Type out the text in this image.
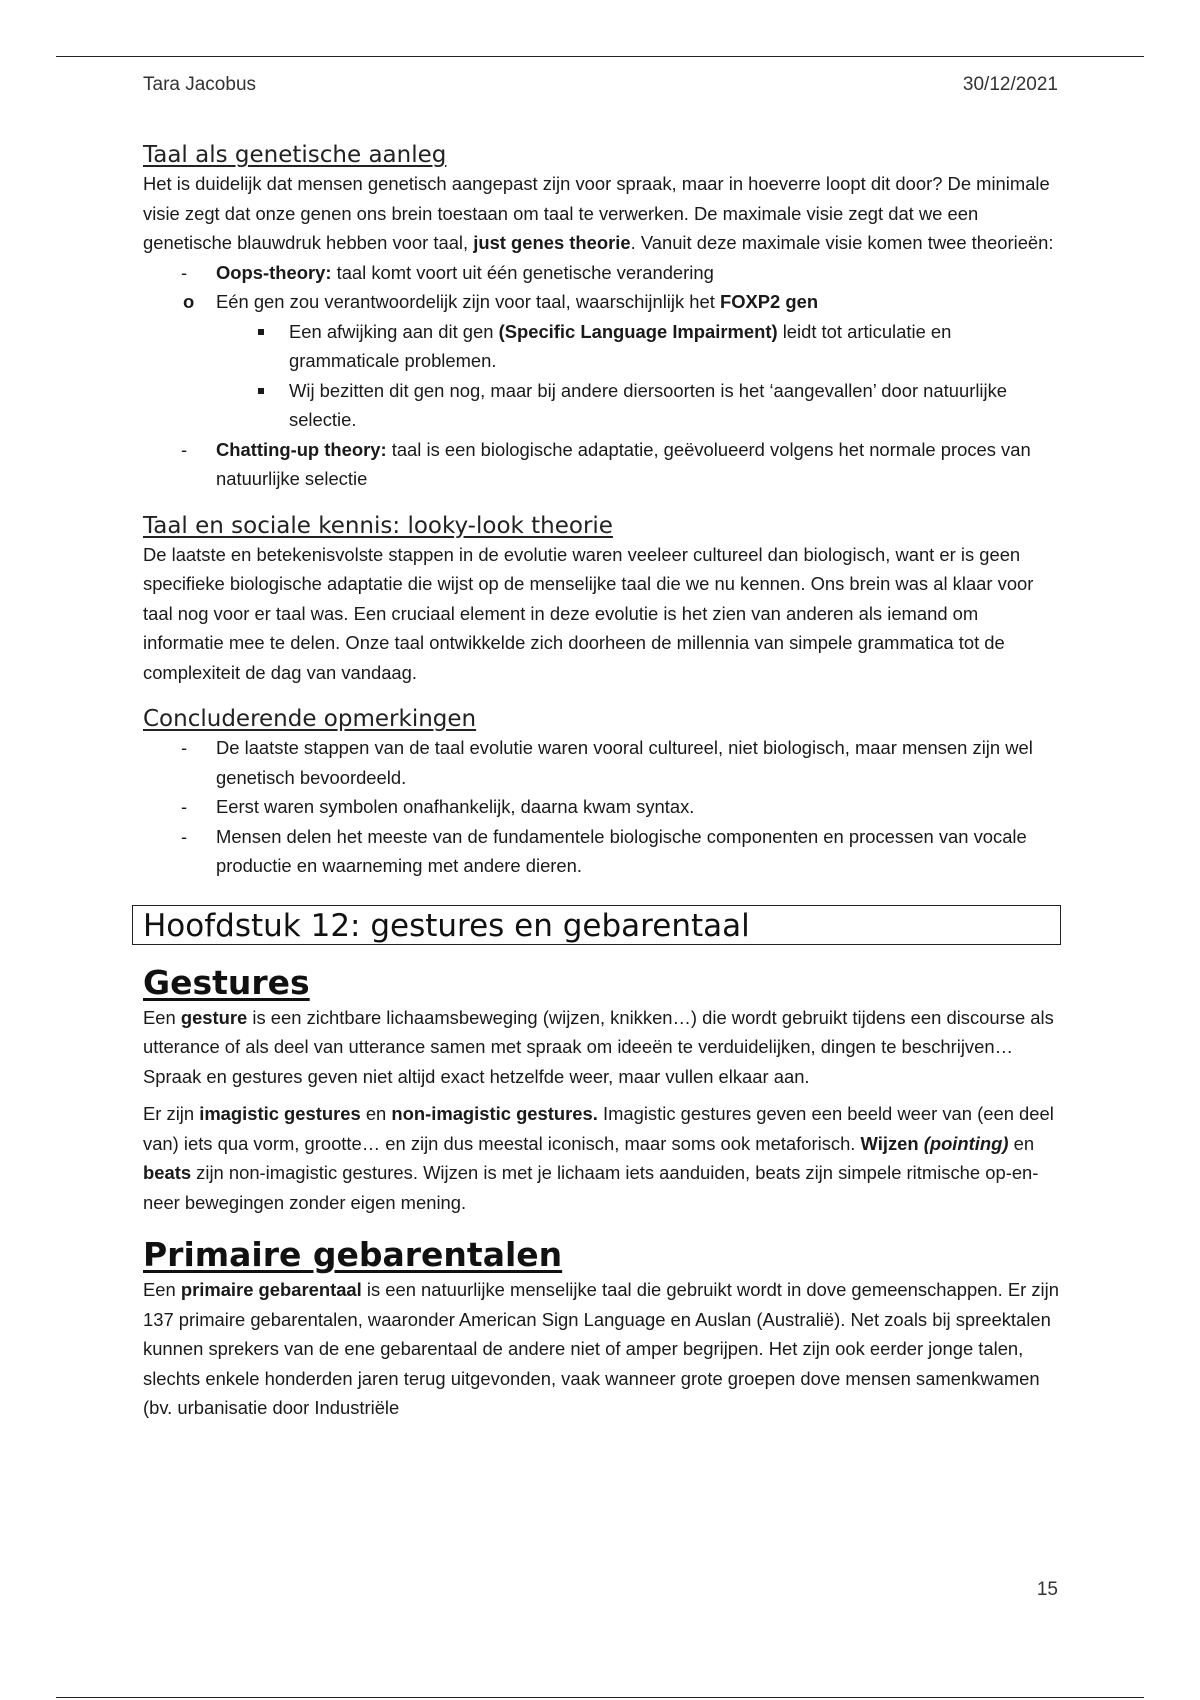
Tara Jacobus	30/12/2021
Taal als genetische aanleg

Het is duidelijk dat mensen genetisch aangepast zijn voor spraak, maar in hoeverre loopt dit door? De minimale visie zegt dat onze genen ons brein toestaan om taal te verwerken. De maximale visie zegt dat we een genetische blauwdruk hebben voor taal, just genes theorie. Vanuit deze maximale visie komen twee theorieën:

- Oops-theory: taal komt voort uit één genetische verandering
o Eén gen zou verantwoordelijk zijn voor taal, waarschijnlijk het FOXP2 gen
Een afwijking aan dit gen (Specific Language Impairment) leidt tot articulatie en grammaticale problemen.
Wij bezitten dit gen nog, maar bij andere diersoorten is het ‘aangevallen’ door natuurlijke selectie.
- Chatting-up theory: taal is een biologische adaptatie, geëvolueerd volgens het normale proces van natuurlijke selectie
Taal en sociale kennis: looky-look theorie

De laatste en betekenisvolste stappen in de evolutie waren veeleer cultureel dan biologisch, want er is geen specifieke biologische adaptatie die wijst op de menselijke taal die we nu kennen. Ons brein was al klaar voor taal nog voor er taal was. Een cruciaal element in deze evolutie is het zien van anderen als iemand om informatie mee te delen. Onze taal ontwikkelde zich doorheen de millennia van simpele grammatica tot de complexiteit de dag van vandaag.

Concluderende opmerkingen
- De laatste stappen van de taal evolutie waren vooral cultureel, niet biologisch, maar mensen zijn wel genetisch bevoordeeld.
- Eerst waren symbolen onafhankelijk, daarna kwam syntax.
- Mensen delen het meeste van de fundamentele biologische componenten en processen van vocale productie en waarneming met andere dieren.
Hoofdstuk 12: gestures en gebarentaal
Gestures

Een gesture is een zichtbare lichaamsbeweging (wijzen, knikken…) die wordt gebruikt tijdens een discourse als utterance of als deel van utterance samen met spraak om ideeën te verduidelijken, dingen te beschrijven… Spraak en gestures geven niet altijd exact hetzelfde weer, maar vullen elkaar aan.

Er zijn imagistic gestures en non-imagistic gestures. Imagistic gestures geven een beeld weer van (een deel van) iets qua vorm, grootte… en zijn dus meestal iconisch, maar soms ook metaforisch. Wijzen (pointing) en beats zijn non-imagistic gestures. Wijzen is met je lichaam iets aanduiden, beats zijn simpele ritmische op-en-neer bewegingen zonder eigen mening.

Primaire gebarentalen

Een primaire gebarentaal is een natuurlijke menselijke taal die gebruikt wordt in dove gemeenschappen. Er zijn 137 primaire gebarentalen, waaronder American Sign Language en Auslan (Australië). Net zoals bij spreektalen kunnen sprekers van de ene gebarentaal de andere niet of amper begrijpen. Het zijn ook eerder jonge talen, slechts enkele honderden jaren terug uitgevonden, vaak wanneer grote groepen dove mensen samenkwamen (bv. urbanisatie door Industriële

15
